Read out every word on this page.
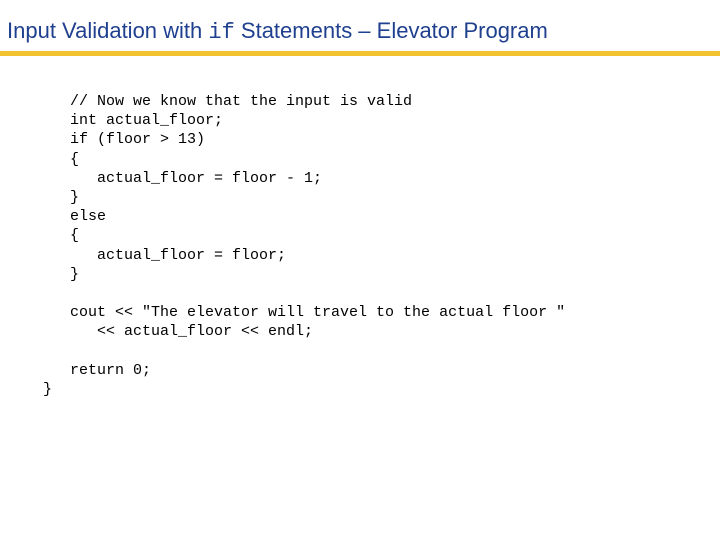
Input Validation with if Statements – Elevator Program
// Now we know that the input is valid
int actual_floor;
if (floor > 13)
{
actual_floor = floor - 1;
}
else
{
actual_floor = floor;
}
cout << "The elevator will travel to the actual floor "
<< actual_floor << endl;
return 0;
}
